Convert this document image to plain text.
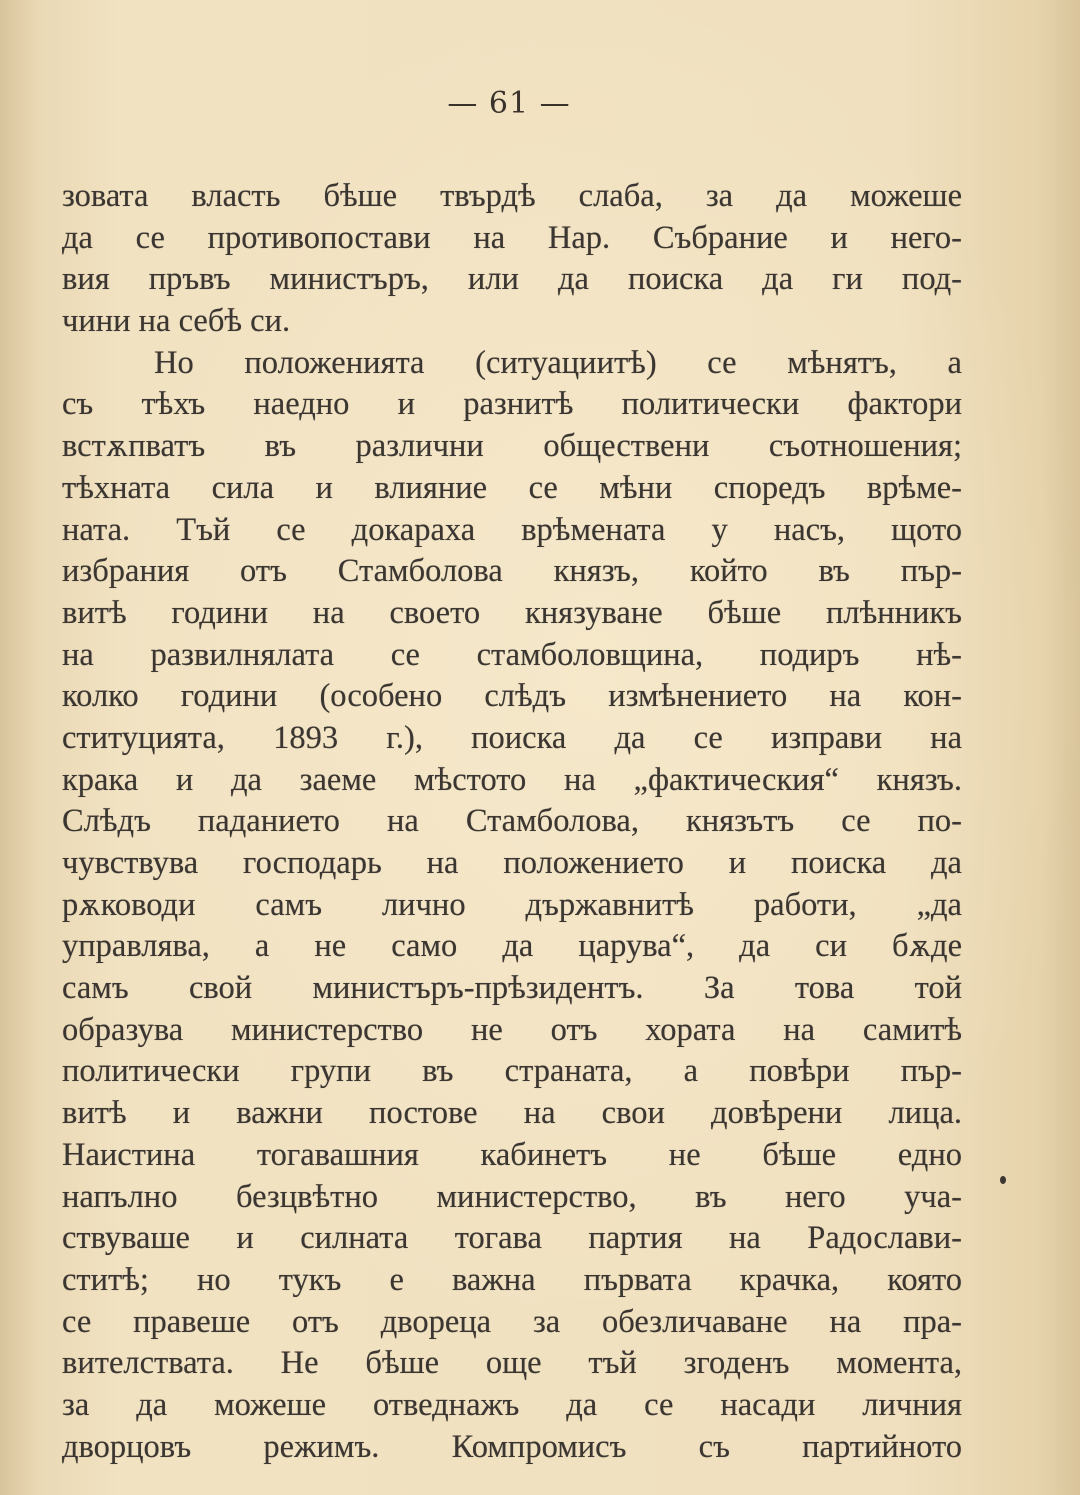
— 61 —
зовата власть бѣше твърдѣ слаба, за да можеше
да се противопостави на Нар. Събрание и него-
вия пръвъ министъръ, или да поиска да ги под-
чини на себѣ си.
Но положенията (ситуациитѣ) се мѣнятъ, а
съ тѣхъ наедно и разнитѣ политически фактори
встѫпватъ въ различни обществени съотношения;
тѣхната сила и влияние се мѣни споредъ врѣме-
ната. Тъй се докараха врѣмената у насъ, щото
избрания отъ Стамболова князъ, който въ пър-
витѣ години на своето князуване бѣше плѣнникъ
на развилнялата се стамболовщина, подиръ нѣ-
колко години (особено слѣдъ измѣнението на кон-
ституцията, 1893 г.), поиска да се изправи на
крака и да заеме мѣстото на „фактическия“ князъ.
Слѣдъ паданието на Стамболова, князътъ се по-
чувствува господарь на положението и поиска да
рѫководи самъ лично държавнитѣ работи, „да
управлява, а не само да царува“, да си бѫде
самъ свой министъръ-прѣзидентъ. За това той
образува министерство не отъ хората на самитѣ
политически групи въ страната, а повѣри пър-
витѣ и важни постове на свои довѣрени лица.
Наистина тогавашния кабинетъ не бѣше едно
напълно безцвѣтно министерство, въ него уча-
ствуваше и силната тогава партия на Радослави-
ститѣ; но тукъ е важна първата крачка, която
се правеше отъ двореца за обезличаване на пра-
вителствата. Не бѣше още тъй згоденъ момента,
за да можеше отведнажъ да се насади личния
дворцовъ режимъ. Компромисъ съ партийното
